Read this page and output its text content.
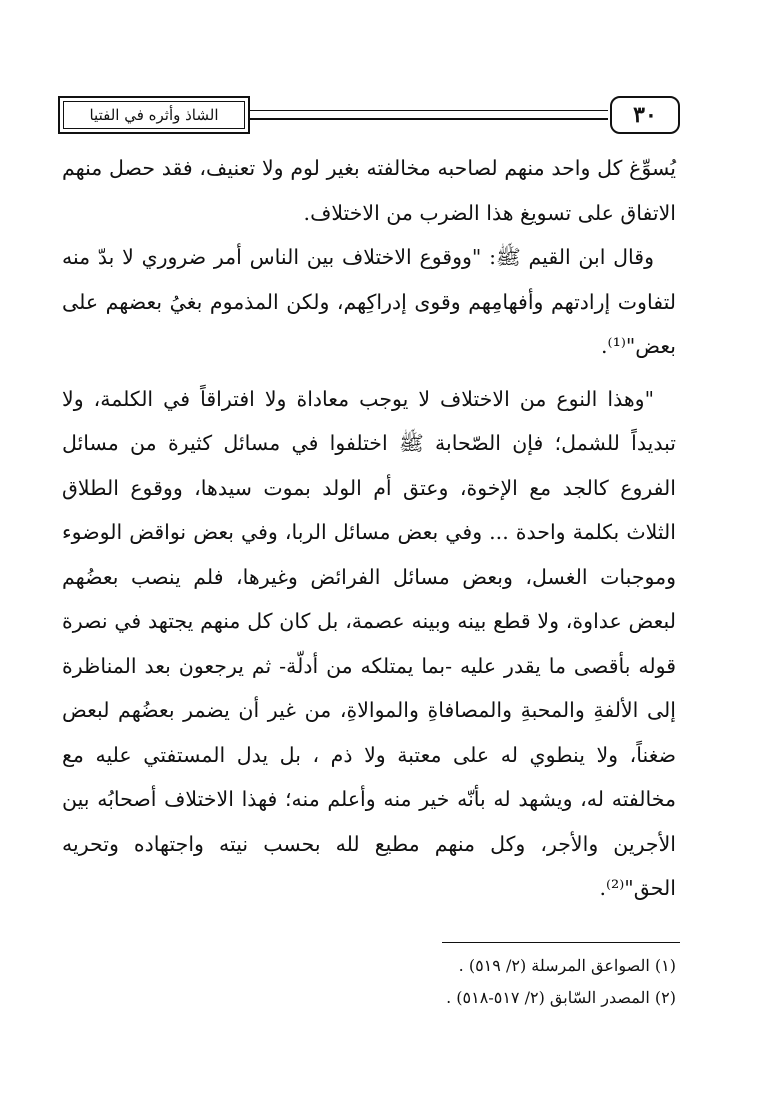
الشاذ وأثره في الفتيا	٣٠

يُسوِّغ كل واحد منهم لصاحبه مخالفته بغير لوم ولا تعنيف، فقد حصل منهم الاتفاق على تسويغ هذا الضرب من الاختلاف.

وقال ابن القيم ﷺ: "ووقوع الاختلاف بين الناس أمر ضروري لا بدّ منه لتفاوت إرادتهم وأفهامِهم وقوى إدراكِهم، ولكن المذموم بغيُ بعضهم على بعض"⁽¹⁾.

"وهذا النوع من الاختلاف لا يوجب معاداة ولا افتراقاً في الكلمة، ولا تبديداً للشمل؛ فإن الصّحابة ﷺ اختلفوا في مسائل كثيرة من مسائل الفروع كالجد مع الإخوة، وعتق أم الولد بموت سيدها، ووقوع الطلاق الثلاث بكلمة واحدة ... وفي بعض مسائل الربا، وفي بعض نواقض الوضوء وموجبات الغسل، وبعض مسائل الفرائض وغيرها، فلم ينصب بعضُهم لبعض عداوة، ولا قطع بينه وبينه عصمة، بل كان كل منهم يجتهد في نصرة قوله بأقصى ما يقدر عليه -بما يمتلكه من أدلّة- ثم يرجعون بعد المناظرة إلى الألفةِ والمحبةِ والمصافاةِ والموالاةِ، من غير أن يضمر بعضُهم لبعض ضغناً، ولا ينطوي له على معتبة ولا ذم ، بل يدل المستفتي عليه مع مخالفته له، ويشهد له بأنّه خير منه وأعلم منه؛ فهذا الاختلاف أصحابُه بين الأجرين والأجر، وكل منهم مطيع لله بحسب نيته واجتهاده وتحريه الحق"⁽²⁾.

(١) الصواعق المرسلة (٢/ ٥١٩) .
(٢) المصدر السّابق (٢/ ٥١٧-٥١٨) .
